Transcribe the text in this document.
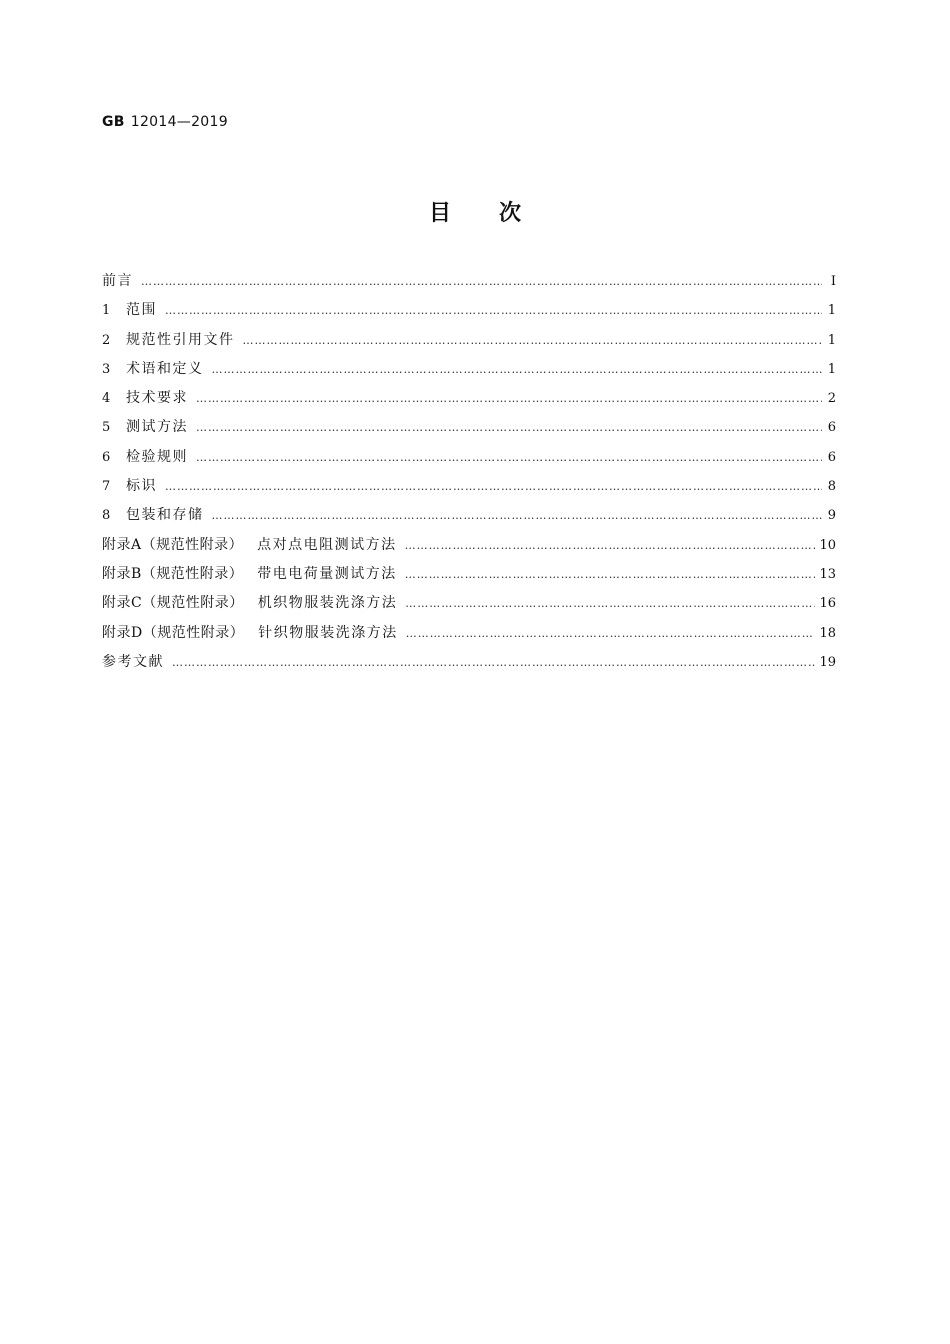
GB 12014—2019
目次
前言 …………………………………………………………………………………………………………………………………………………………………………………………………………………	Ⅰ
1	范围 …………………………………………………………………………………………………………………………………………………………………………………………………………………	1
2	规范性引用文件 …………………………………………………………………………………………………………………………………………………………………………………………………………………	1
3	术语和定义 …………………………………………………………………………………………………………………………………………………………………………………………………………………	1
4	技术要求 …………………………………………………………………………………………………………………………………………………………………………………………………………………	2
5	测试方法 …………………………………………………………………………………………………………………………………………………………………………………………………………………	6
6	检验规则 …………………………………………………………………………………………………………………………………………………………………………………………………………………	6
7	标识 …………………………………………………………………………………………………………………………………………………………………………………………………………………	8
8	包装和存储 …………………………………………………………………………………………………………………………………………………………………………………………………………………	9
附录A（规范性附录） 点对点电阻测试方法 …………………………………………………………………………………………………………………………………………………………………………………………………………………	10
附录B（规范性附录） 带电电荷量测试方法 …………………………………………………………………………………………………………………………………………………………………………………………………………………	13
附录C（规范性附录） 机织物服装洗涤方法 …………………………………………………………………………………………………………………………………………………………………………………………………………………	16
附录D（规范性附录） 针织物服装洗涤方法 …………………………………………………………………………………………………………………………………………………………………………………………………………………	18
参考文献 …………………………………………………………………………………………………………………………………………………………………………………………………………………	19
